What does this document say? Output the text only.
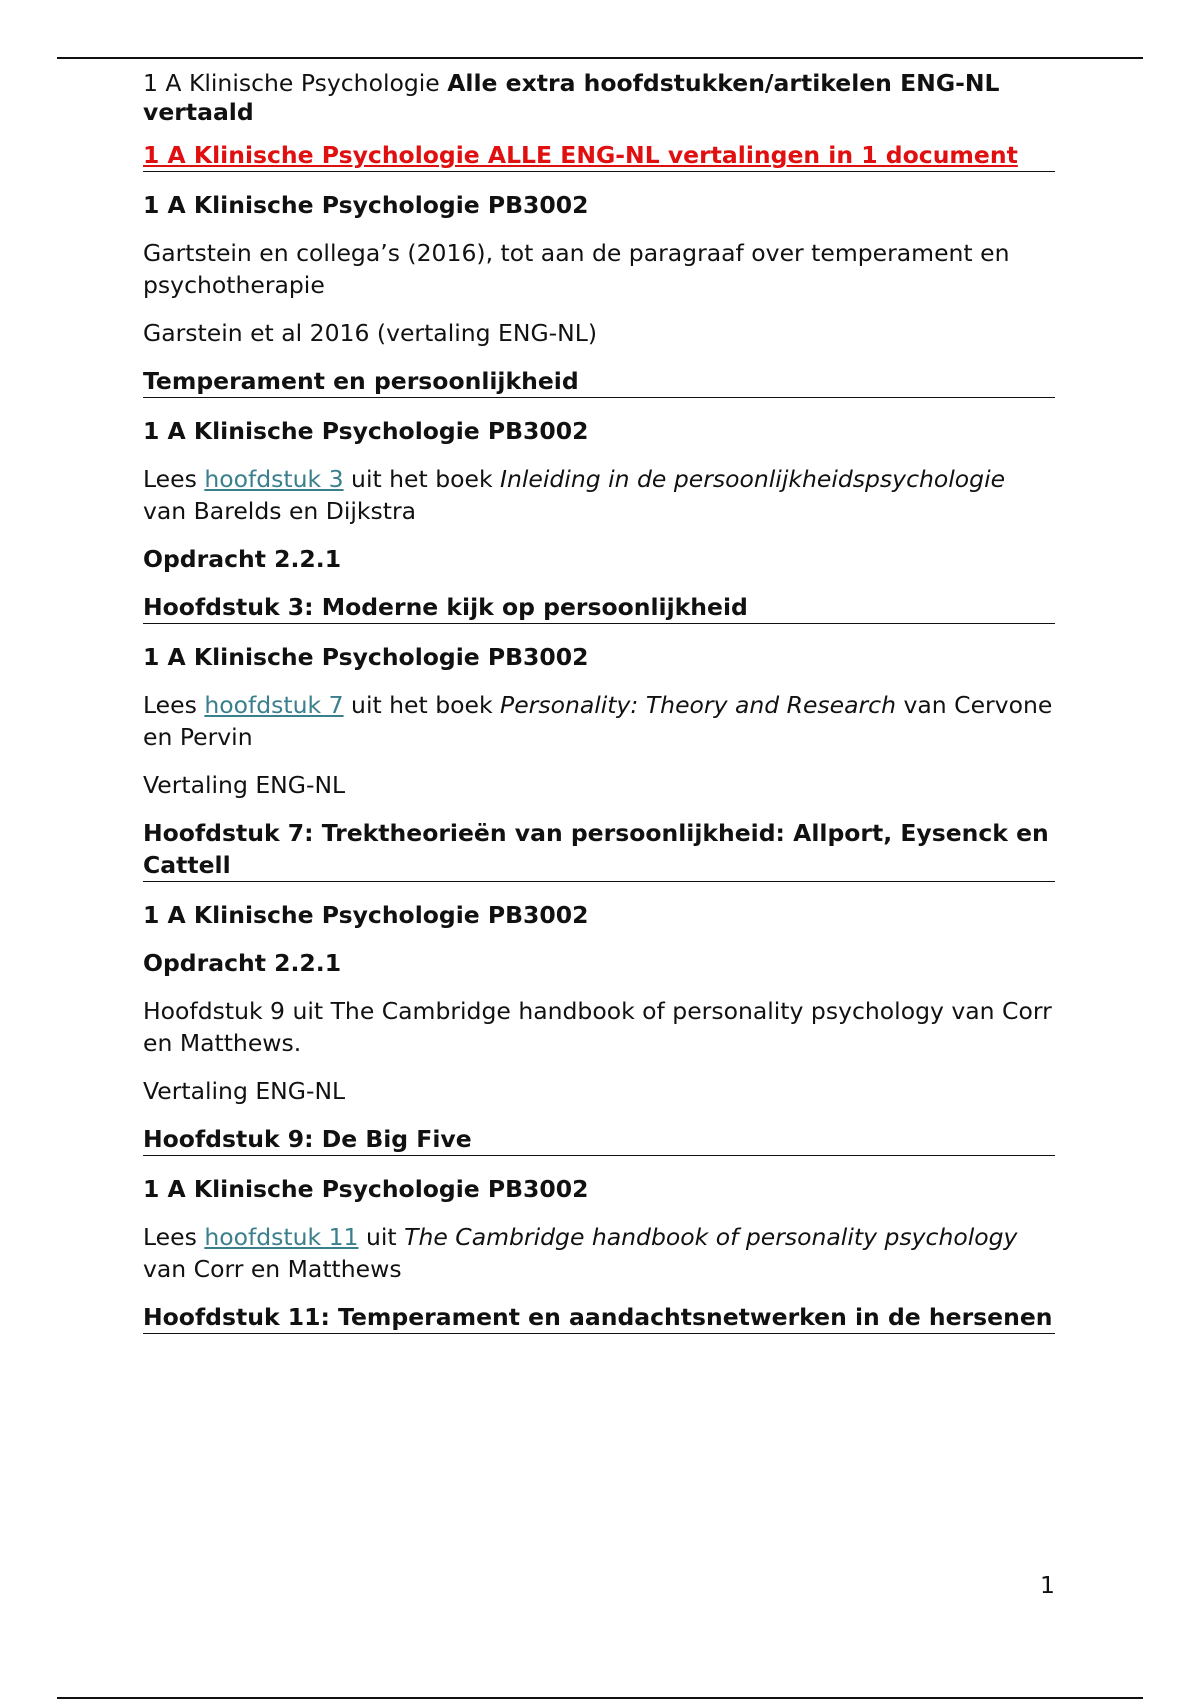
1 A Klinische Psychologie Alle extra hoofdstukken/artikelen ENG-NL vertaald

1 A Klinische Psychologie ALLE ENG-NL vertalingen in 1 document

1 A Klinische Psychologie PB3002

Gartstein en collega’s (2016), tot aan de paragraaf over temperament en psychotherapie

Garstein et al 2016 (vertaling ENG-NL)

Temperament en persoonlijkheid

1 A Klinische Psychologie PB3002

Lees hoofdstuk 3 uit het boek Inleiding in de persoonlijkheidspsychologie van Barelds en Dijkstra

Opdracht 2.2.1

Hoofdstuk 3: Moderne kijk op persoonlijkheid

1 A Klinische Psychologie PB3002

Lees hoofdstuk 7 uit het boek Personality: Theory and Research van Cervone en Pervin

Vertaling ENG-NL

Hoofdstuk 7: Trektheorieën van persoonlijkheid: Allport, Eysenck en Cattell

1 A Klinische Psychologie PB3002

Opdracht 2.2.1

Hoofdstuk 9 uit The Cambridge handbook of personality psychology van Corr en Matthews.

Vertaling ENG-NL

Hoofdstuk 9: De Big Five

1 A Klinische Psychologie PB3002

Lees hoofdstuk 11 uit The Cambridge handbook of personality psychology van Corr en Matthews

Hoofdstuk 11: Temperament en aandachtsnetwerken in de hersenen

1
